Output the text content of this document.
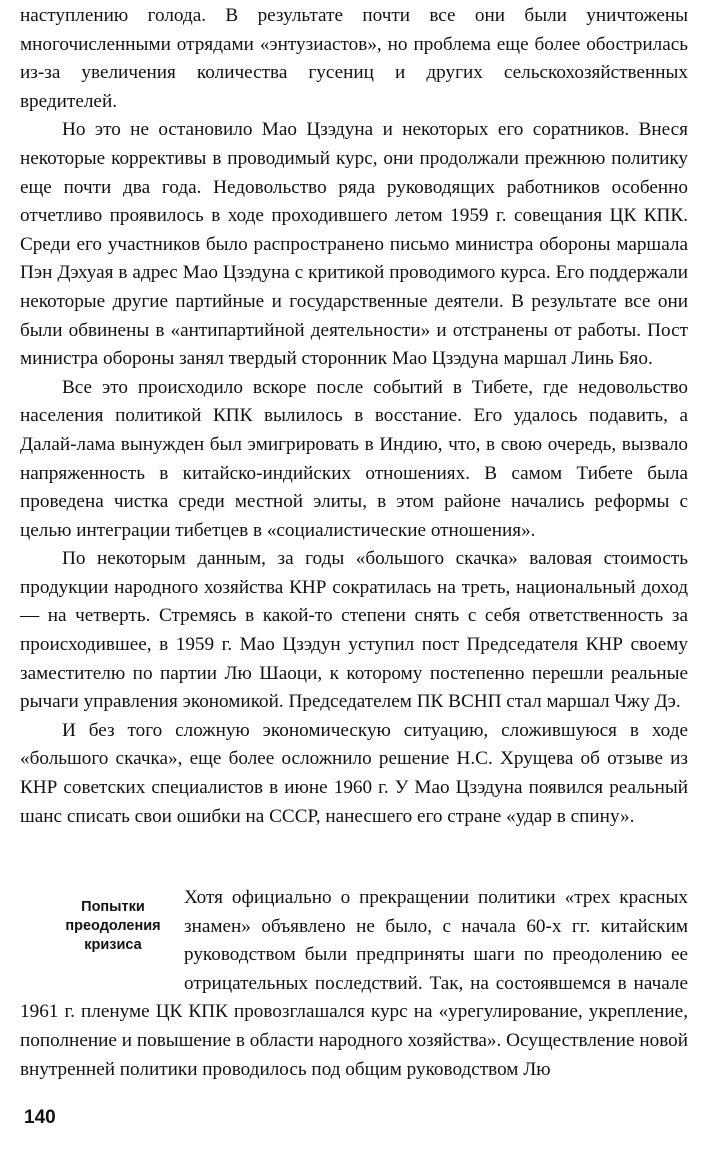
наступлению голода. В результате почти все они были уничтожены многочисленными отрядами «энтузиастов», но проблема еще более обострилась из-за увеличения количества гусениц и других сельскохозяйственных вредителей.

Но это не остановило Мао Цзэдуна и некоторых его соратников. Внеся некоторые коррективы в проводимый курс, они продолжали прежнюю политику еще почти два года. Недовольство ряда руководящих работников особенно отчетливо проявилось в ходе проходившего летом 1959 г. совещания ЦК КПК. Среди его участников было распространено письмо министра обороны маршала Пэн Дэхуая в адрес Мао Цзэдуна с критикой проводимого курса. Его поддержали некоторые другие партийные и государственные деятели. В результате все они были обвинены в «антипартийной деятельности» и отстранены от работы. Пост министра обороны занял твердый сторонник Мао Цзэдуна маршал Линь Бяо.

Все это происходило вскоре после событий в Тибете, где недовольство населения политикой КПК вылилось в восстание. Его удалось подавить, а Далай-лама вынужден был эмигрировать в Индию, что, в свою очередь, вызвало напряженность в китайско-индийских отношениях. В самом Тибете была проведена чистка среди местной элиты, в этом районе начались реформы с целью интеграции тибетцев в «социалистические отношения».

По некоторым данным, за годы «большого скачка» валовая стоимость продукции народного хозяйства КНР сократилась на треть, национальный доход — на четверть. Стремясь в какой-то степени снять с себя ответственность за происходившее, в 1959 г. Мао Цзэдун уступил пост Председателя КНР своему заместителю по партии Лю Шаоци, к которому постепенно перешли реальные рычаги управления экономикой. Председателем ПК ВСНП стал маршал Чжу Дэ.

И без того сложную экономическую ситуацию, сложившуюся в ходе «большого скачка», еще более осложнило решение Н.С. Хрущева об отзыве из КНР советских специалистов в июне 1960 г. У Мао Цзэдуна появился реальный шанс списать свои ошибки на СССР, нанесшего его стране «удар в спину».

Попытки
преодоления
кризиса

Хотя официально о прекращении политики «трех красных знамен» объявлено не было, с начала 60-х гг. китайским руководством были предприняты шаги по преодолению ее отрицательных последствий. Так, на состоявшемся в начале 1961 г. пленуме ЦК КПК провозглашался курс на «урегулирование, укрепление, пополнение и повышение в области народного хозяйства». Осуществление новой внутренней политики проводилось под общим руководством Лю

140
